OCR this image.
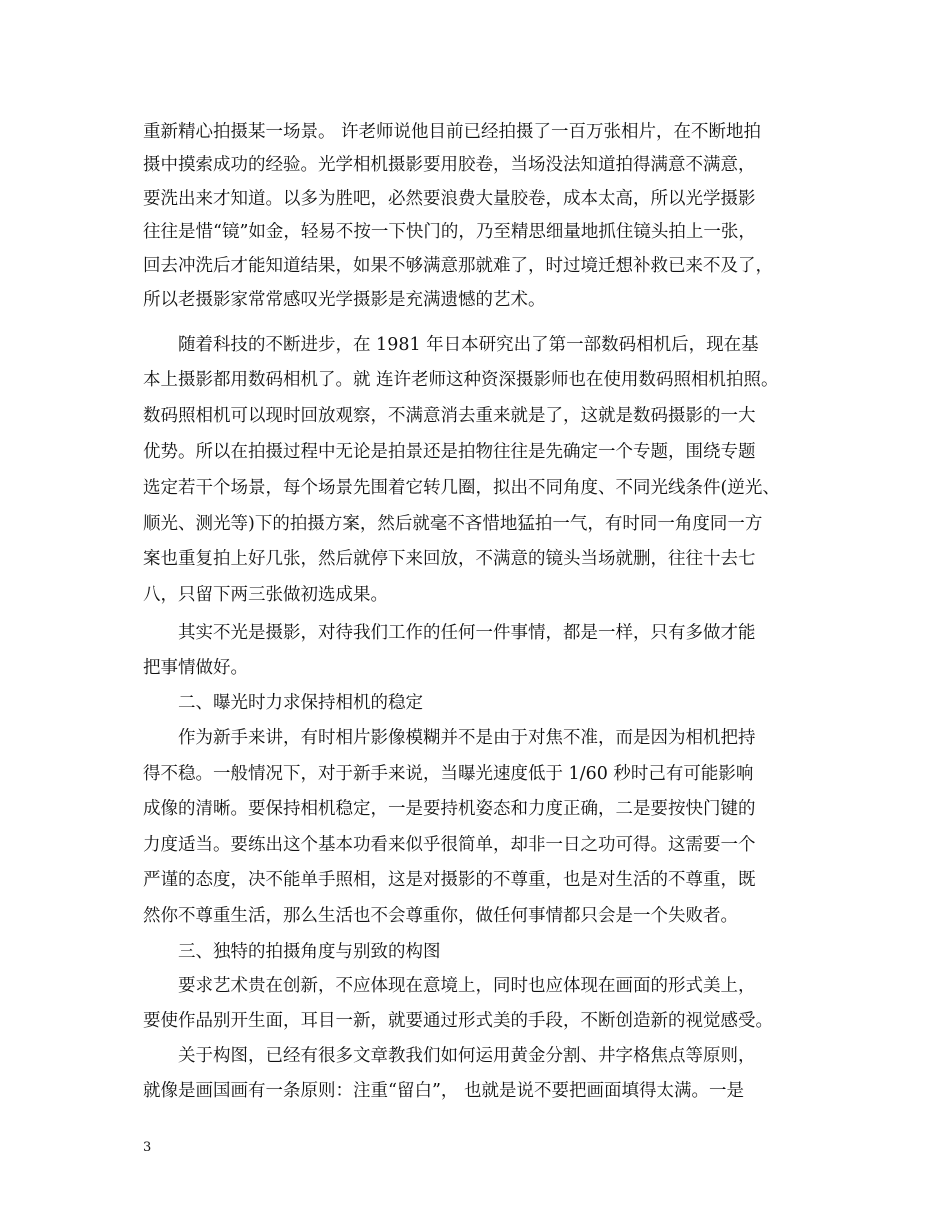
重新精心拍摄某一场景。 许老师说他目前已经拍摄了一百万张相片，在不断地拍
摄中摸索成功的经验。光学相机摄影要用胶卷，当场没法知道拍得满意不满意，
要洗出来才知道。以多为胜吧，必然要浪费大量胶卷，成本太高，所以光学摄影
往往是惜“镜”如金，轻易不按一下快门的，乃至精思细量地抓住镜头拍上一张，
回去冲洗后才能知道结果，如果不够满意那就难了，时过境迁想补救已来不及了，
所以老摄影家常常感叹光学摄影是充满遗憾的艺术。
随着科技的不断进步，在 1981 年日本研究出了第一部数码相机后，现在基
本上摄影都用数码相机了。就 连许老师这种资深摄影师也在使用数码照相机拍照。
数码照相机可以现时回放观察，不满意消去重来就是了，这就是数码摄影的一大
优势。所以在拍摄过程中无论是拍景还是拍物往往是先确定一个专题，围绕专题
选定若干个场景，每个场景先围着它转几圈，拟出不同角度、不同光线条件(逆光、
顺光、测光等)下的拍摄方案，然后就毫不吝惜地猛拍一气，有时同一角度同一方
案也重复拍上好几张，然后就停下来回放，不满意的镜头当场就删，往往十去七
八，只留下两三张做初选成果。
其实不光是摄影，对待我们工作的任何一件事情，都是一样，只有多做才能
把事情做好。
二、曝光时力求保持相机的稳定
作为新手来讲，有时相片影像模糊并不是由于对焦不准，而是因为相机把持
得不稳。一般情况下，对于新手来说，当曝光速度低于 1/60 秒时己有可能影响
成像的清晰。要保持相机稳定，一是要持机姿态和力度正确，二是要按快门键的
力度适当。要练出这个基本功看来似乎很简单，却非一日之功可得。这需要一个
严谨的态度，决不能单手照相，这是对摄影的不尊重，也是对生活的不尊重，既
然你不尊重生活，那么生活也不会尊重你，做任何事情都只会是一个失败者。
三、独特的拍摄角度与别致的构图
要求艺术贵在创新，不应体现在意境上，同时也应体现在画面的形式美上，
要使作品别开生面，耳目一新，就要通过形式美的手段，不断创造新的视觉感受。
关于构图，已经有很多文章教我们如何运用黄金分割、井字格焦点等原则，
就像是画国画有一条原则：注重“留白”， 也就是说不要把画面填得太满。一是
3
